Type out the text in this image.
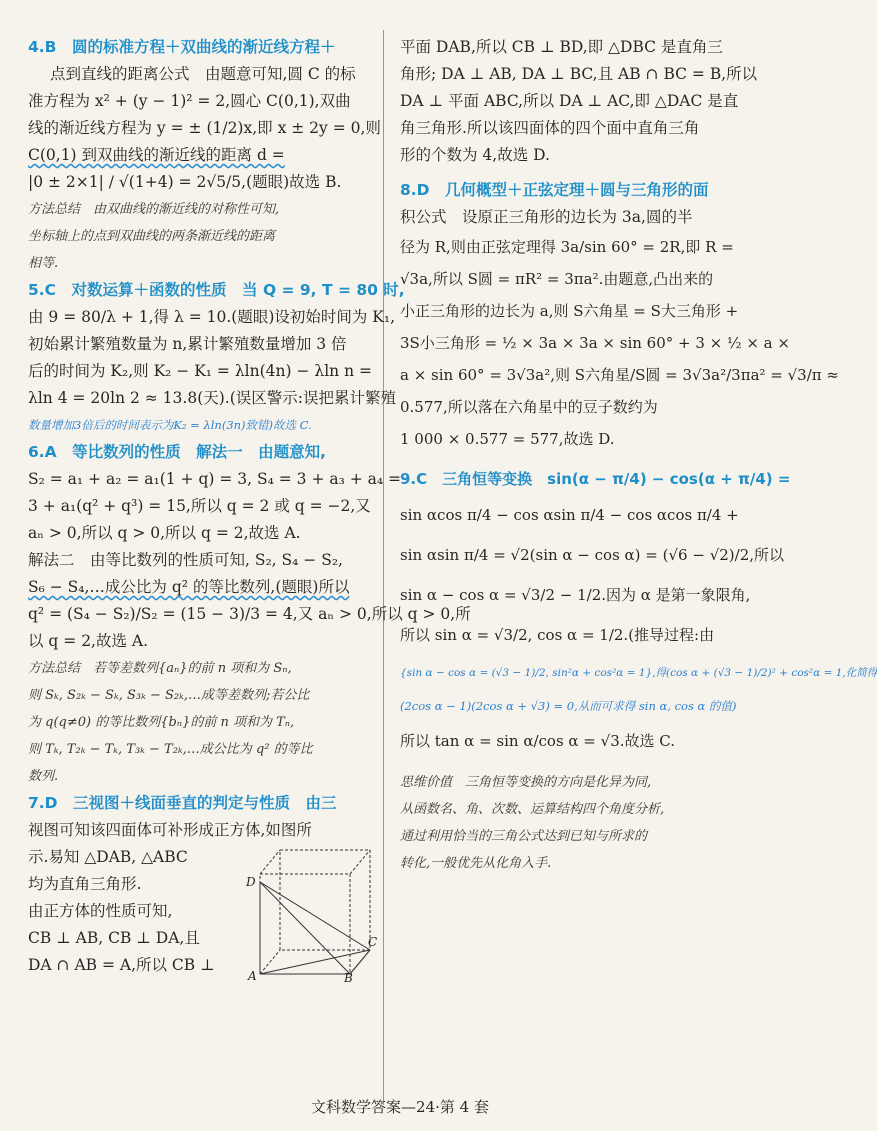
4.B　圆的标准方程＋双曲线的渐近线方程＋
点到直线的距离公式　由题意可知,圆 C 的标
准方程为 x² + (y − 1)² = 2,圆心 C(0,1),双曲
线的渐近线方程为 y = ± (1/2)x,即 x ± 2y = 0,则
C(0,1) 到双曲线的渐近线的距离 d =
|0 ± 2×1| / √(1+4) = 2√5/5,(题眼)故选 B.
方法总结　由双曲线的渐近线的对称性可知,
坐标轴上的点到双曲线的两条渐近线的距离
相等.
5.C　对数运算＋函数的性质　当 Q = 9, T = 80 时,
由 9 = 80/λ + 1,得 λ = 10.(题眼)设初始时间为 K₁,
初始累计繁殖数量为 n,累计繁殖数量增加 3 倍
后的时间为 K₂,则 K₂ − K₁ = λln(4n) − λln n =
λln 4 = 20ln 2 ≈ 13.8(天).(误区警示:误把累计繁殖
数量增加3倍后的时间表示为K₂ = λln(3n)致错)故选 C.
6.A　等比数列的性质　解法一　由题意知,
S₂ = a₁ + a₂ = a₁(1 + q) = 3, S₄ = 3 + a₃ + a₄ =
3 + a₁(q² + q³) = 15,所以 q = 2 或 q = −2,又
aₙ > 0,所以 q > 0,所以 q = 2,故选 A.
解法二　由等比数列的性质可知, S₂, S₄ − S₂,
S₆ − S₄,…成公比为 q² 的等比数列,(题眼)所以
q² = (S₄ − S₂)/S₂ = (15 − 3)/3 = 4,又 aₙ > 0,所以 q > 0,所
以 q = 2,故选 A.
方法总结　若等差数列{aₙ}的前 n 项和为 Sₙ,
则 Sₖ, S₂ₖ − Sₖ, S₃ₖ − S₂ₖ,…成等差数列;若公比
为 q(q≠0) 的等比数列{bₙ}的前 n 项和为 Tₙ,
则 Tₖ, T₂ₖ − Tₖ, T₃ₖ − T₂ₖ,…成公比为 q² 的等比
数列.
7.D　三视图＋线面垂直的判定与性质　由三
视图可知该四面体可补形成正方体,如图所
示.易知 △DAB, △ABC
均为直角三角形.
由正方体的性质可知,
CB ⊥ AB, CB ⊥ DA,且
DA ∩ AB = A,所以 CB ⊥
D
A	B
C
平面 DAB,所以 CB ⊥ BD,即 △DBC 是直角三
角形; DA ⊥ AB, DA ⊥ BC,且 AB ∩ BC = B,所以
DA ⊥ 平面 ABC,所以 DA ⊥ AC,即 △DAC 是直
角三角形.所以该四面体的四个面中直角三角
形的个数为 4,故选 D.
8.D　几何概型＋正弦定理＋圆与三角形的面
积公式　设原正三角形的边长为 3a,圆的半
径为 R,则由正弦定理得 3a/sin 60° = 2R,即 R =
√3a,所以 S圆 = πR² = 3πa².由题意,凸出来的
小正三角形的边长为 a,则 S六角星 = S大三角形 +
3S小三角形 = ½ × 3a × 3a × sin 60° + 3 × ½ × a ×
a × sin 60° = 3√3a²,则 S六角星/S圆 = 3√3a²/3πa² = √3/π ≈
0.577,所以落在六角星中的豆子数约为
1 000 × 0.577 = 577,故选 D.
9.C　三角恒等变换　sin(α − π/4) − cos(α + π/4) =
sin αcos π/4 − cos αsin π/4 − cos αcos π/4 +
sin αsin π/4 = √2(sin α − cos α) = (√6 − √2)/2,所以
sin α − cos α = √3/2 − 1/2.因为 α 是第一象限角,
所以 sin α = √3/2, cos α = 1/2.(推导过程:由
{sin α − cos α = (√3 − 1)/2, sin²α + cos²α = 1},得(cos α + (√3 − 1)/2)² + cos²α = 1,化简得
(2cos α − 1)(2cos α + √3) = 0,从而可求得 sin α, cos α 的值)
所以 tan α = sin α/cos α = √3.故选 C.
思维价值　三角恒等变换的方向是化异为同,
从函数名、角、次数、运算结构四个角度分析,
通过利用恰当的三角公式达到已知与所求的
转化,一般优先从化角入手.
文科数学答案—24·第 4 套
